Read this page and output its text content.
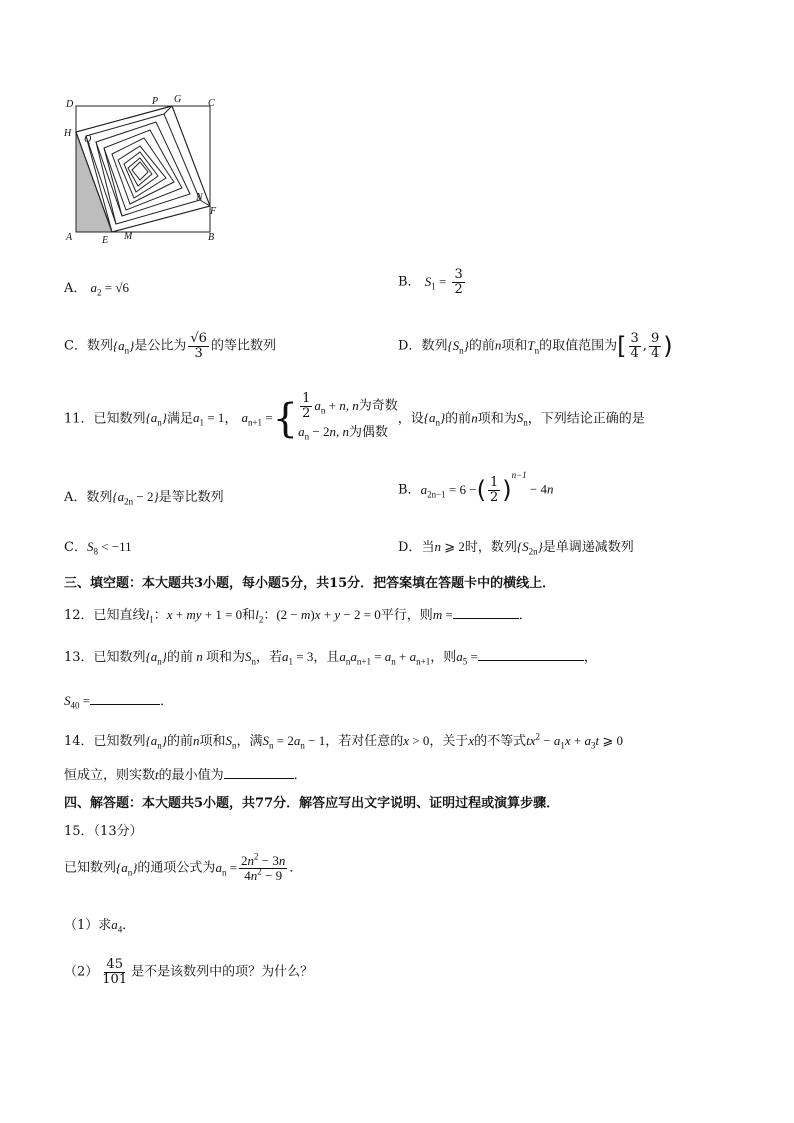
D	P G	C
H
Q
N
F
A	E M	B
A． $a_2 = √6$	B． $S_1 = \frac{3}{2}$
C．数列$\{a_n\}$是公比为 $\frac{√6}{3}$ 的等比数列	D．数列$\{S_n\}$的前n项和$T_n$的取值范围为[ $\frac{3}{4}$ , $\frac{9}{4}$ )
11．已知数列$\{a_n\}$满足$a_1 = 1$， $a_{n+1}$ ={ $\frac{1}{2} a_n + n$, n为奇数
$a_n - 2n$, n为偶数
，设$\{a_n\}$的前n项和为$S_n$，下列结论正确的是
A．数列$\{a_{2n} - 2\}$是等比数列	B．$a_{2n-1} = 6$ −( $\frac{1}{2} )^{n-1} - 4n$
C．$S_8 < -11$	D．当n ⩾ 2时，数列$\{S_{2n}\}$是单调递减数列
三、填空题：本大题共3小题，每小题5分，共15分．把答案填在答题卡中的横线上．
12．已知直线$l_1$：x + my + 1 = 0和$l_2$：(2 − m)x + y − 2 = 0平行，则m =	．
13．已知数列$\{a_n\}$的前 n 项和为$S_n$，若$a_1 = 3$，且$a_na_{n+1} = a_n + a_{n+1}$，则$a_5$ =	，
$S_{40}$ =	．
14．已知数列$\{a_n\}$的前n项和$S_n$，满$S_n = 2a_n - 1$，若对任意的x > 0，关于x的不等式$tx^2 - a_1x + a_3t$ ⩾ 0
恒成立，则实数t的最小值为	．
四、解答题：本大题共5小题，共77分．解答应写出文字说明、证明过程或演算步骤．
15．（13分）
已知数列$\{a_n\}$的通项公式为$a_n = \frac{2n^2 - 3n}{4n^2 - 9}$ ．
（1）求$a_4$．
$(2) \frac{45}{101}$ 是不是该数列中的项？为什么？
